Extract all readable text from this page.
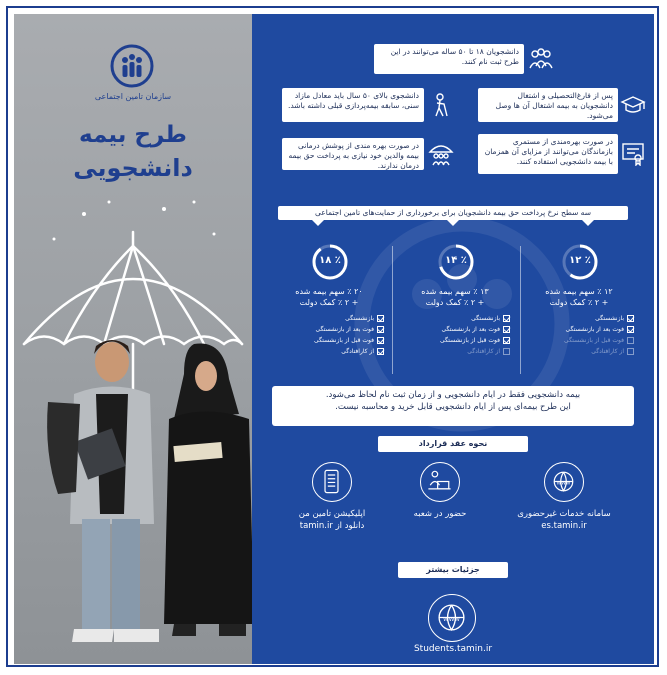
سازمان تامین اجتماعی
طرح بیمه
دانشجویی
دانشجویان ۱۸ تا ۵۰ ساله می‌توانند در این طرح ثبت نام کنند.
پس از فارغ‌التحصیلی و اشتغال دانشجویان به بیمه اشتغال آن ها وصل می‌شود.
دانشجوی بالای ۵۰ سال باید معادل مازاد سنی، سابقه بیمه‌پردازی قبلی داشته باشد.
در صورت بهره‌مندی از مستمری بازماندگان می‌توانند از مزایای آن همزمان با بیمه دانشجویی استفاده کنند.
در صورت بهره مندی از پوشش درمانی بیمه والدین خود نیازی به پرداخت حق بیمه درمان ندارند.
سه سطح نرخ پرداخت حق بیمه دانشجویان برای برخورداری از حمایت‌های تامین اجتماعی
٪ ۱۲
۱۲ ٪ سهم بیمه شده
+ ۲ ٪ کمک دولت
بازنشستگی
فوت بعد از بازنشستگی
فوت قبل از بازنشستگی
از کارافتادگی
٪ ۱۴
۱۳ ٪ سهم بیمه شده
+ ۲ ٪ کمک دولت
بازنشستگی
فوت بعد از بازنشستگی
فوت قبل از بازنشستگی
از کارافتادگی
٪ ۱۸
۲۰ ٪ سهم بیمه شده
+ ۲ ٪ کمک دولت
بازنشستگی
فوت بعد از بازنشستگی
فوت قبل از بازنشستگی
از کارافتادگی
بیمه دانشجویی فقط در ایام دانشجویی و از زمان ثبت نام لحاظ می‌شود.
این طرح بیمه‌ای پس از ایام دانشجویی قابل خرید و محاسبه نیست.
نحوه عقد قرارداد
WWW
سامانه خدمات غیرحضوری
es.tamin.ir
حضور در شعبه
اپلیکیشن تامین من
دانلود از tamin.ir
جزئیات بیشتر
WWW
Students.tamin.ir
